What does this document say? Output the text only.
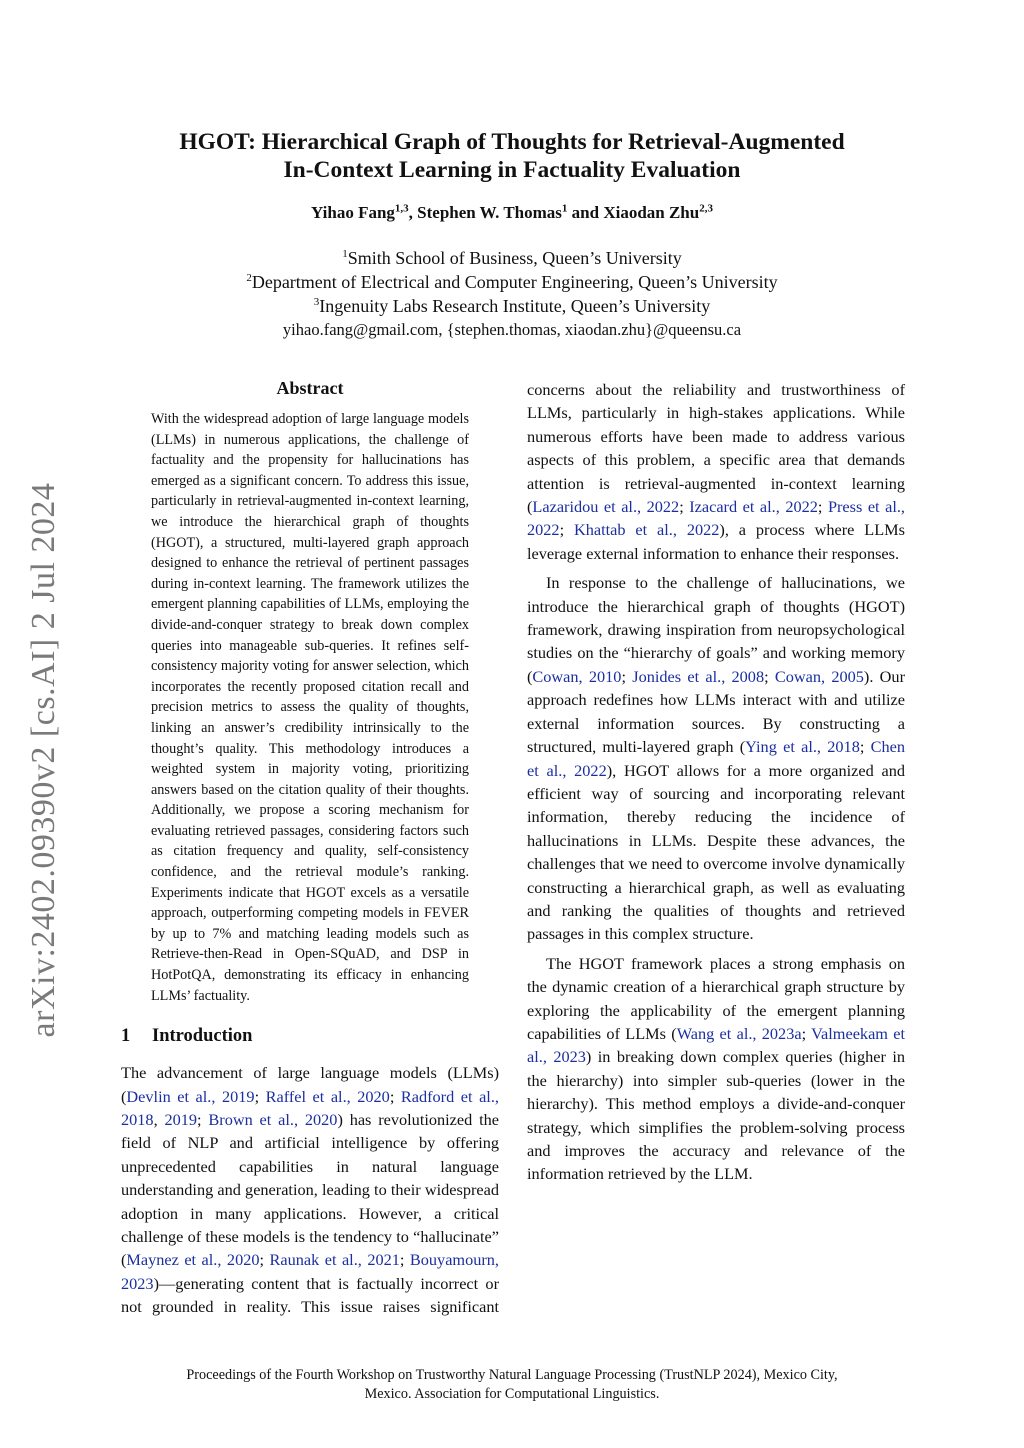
arXiv:2402.09390v2 [cs.AI] 2 Jul 2024
HGOT: Hierarchical Graph of Thoughts for Retrieval-Augmented
In-Context Learning in Factuality Evaluation
Yihao Fang$^{1,3}$, Stephen W. Thomas$^1$ and Xiaodan Zhu$^{2,3}$
$^1$Smith School of Business, Queen’s University
$^2$Department of Electrical and Computer Engineering, Queen’s University
$^3$Ingenuity Labs Research Institute, Queen’s University
yihao.fang@gmail.com, {stephen.thomas, xiaodan.zhu}@queensu.ca
Abstract

With the widespread adoption of large language models (LLMs) in numerous applications, the challenge of factuality and the propensity for hallucinations has emerged as a significant concern. To address this issue, particularly in retrieval-augmented in-context learning, we introduce the hierarchical graph of thoughts (HGOT), a structured, multi-layered graph approach designed to enhance the retrieval of pertinent passages during in-context learning. The framework utilizes the emergent planning capabilities of LLMs, employing the divide-and-conquer strategy to break down complex queries into manageable sub-queries. It refines self-consistency majority voting for answer selection, which incorporates the recently proposed citation recall and precision metrics to assess the quality of thoughts, linking an answer’s credibility intrinsically to the thought’s quality. This methodology introduces a weighted system in majority voting, prioritizing answers based on the citation quality of their thoughts. Additionally, we propose a scoring mechanism for evaluating retrieved passages, considering factors such as citation frequency and quality, self-consistency confidence, and the retrieval module’s ranking. Experiments indicate that HGOT excels as a versatile approach, outperforming competing models in FEVER by up to 7% and matching leading models such as Retrieve-then-Read in Open-SQuAD, and DSP in HotPotQA, demonstrating its efficacy in enhancing LLMs’ factuality.

1 Introduction

The advancement of large language models (LLMs) (Devlin et al., 2019; Raffel et al., 2020; Radford et al., 2018, 2019; Brown et al., 2020) has revolutionized the field of NLP and artificial intelligence by offering unprecedented capabilities in natural language understanding and generation, leading to their widespread adoption in many applications. However, a critical challenge of these models is the tendency to “hallucinate” (Maynez et al., 2020; Raunak et al., 2021; Bouyamourn, 2023)—generating content that is factually incorrect or not grounded in reality. This issue raises significant

concerns about the reliability and trustworthiness of LLMs, particularly in high-stakes applications. While numerous efforts have been made to address various aspects of this problem, a specific area that demands attention is retrieval-augmented in-context learning (Lazaridou et al., 2022; Izacard et al., 2022; Press et al., 2022; Khattab et al., 2022), a process where LLMs leverage external information to enhance their responses.

In response to the challenge of hallucinations, we introduce the hierarchical graph of thoughts (HGOT) framework, drawing inspiration from neuropsychological studies on the “hierarchy of goals” and working memory (Cowan, 2010; Jonides et al., 2008; Cowan, 2005). Our approach redefines how LLMs interact with and utilize external information sources. By constructing a structured, multi-layered graph (Ying et al., 2018; Chen et al., 2022), HGOT allows for a more organized and efficient way of sourcing and incorporating relevant information, thereby reducing the incidence of hallucinations in LLMs. Despite these advances, the challenges that we need to overcome involve dynamically constructing a hierarchical graph, as well as evaluating and ranking the qualities of thoughts and retrieved passages in this complex structure.

The HGOT framework places a strong emphasis on the dynamic creation of a hierarchical graph structure by exploring the applicability of the emergent planning capabilities of LLMs (Wang et al., 2023a; Valmeekam et al., 2023) in breaking down complex queries (higher in the hierarchy) into simpler sub-queries (lower in the hierarchy). This method employs a divide-and-conquer strategy, which simplifies the problem-solving process and improves the accuracy and relevance of the information retrieved by the LLM.

Proceedings of the Fourth Workshop on Trustworthy Natural Language Processing (TrustNLP 2024), Mexico City,
Mexico. Association for Computational Linguistics.
